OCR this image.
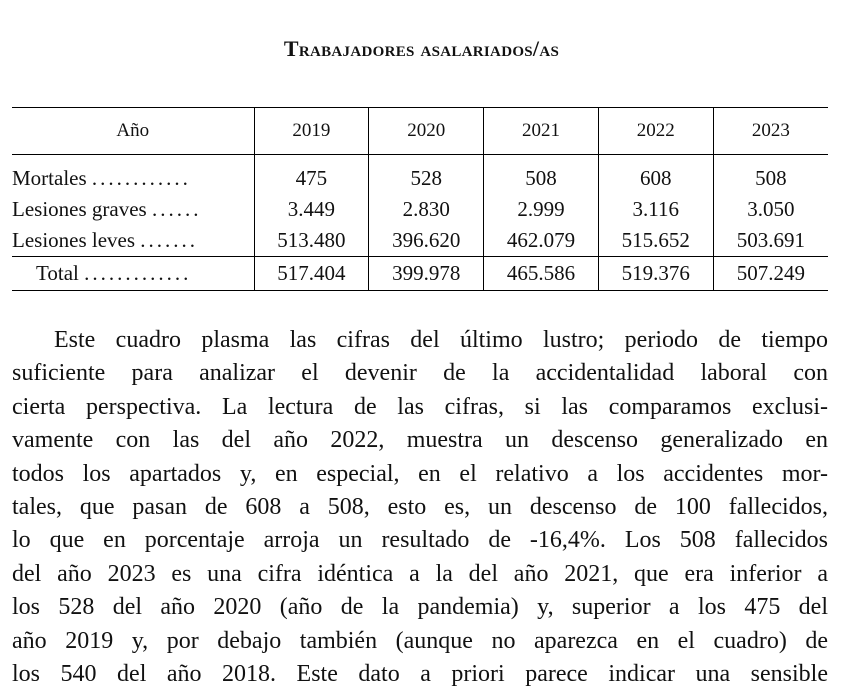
Trabajadores asalariados/as
Año	2019	2020	2021	2022	2023
Mortales ............	475	528	508	608	508
Lesiones graves ......	3.449	2.830	2.999	3.116	3.050
Lesiones leves .......	513.480	396.620	462.079	515.652	503.691
Total .............	517.404	399.978	465.586	519.376	507.249

Este cuadro plasma las cifras del último lustro; periodo de tiempo
suficiente para analizar el devenir de la accidentalidad laboral con
cierta perspectiva. La lectura de las cifras, si las comparamos exclusi-
vamente con las del año 2022, muestra un descenso generalizado en
todos los apartados y, en especial, en el relativo a los accidentes mor-
tales, que pasan de 608 a 508, esto es, un descenso de 100 fallecidos,
lo que en porcentaje arroja un resultado de -16,4%. Los 508 fallecidos
del año 2023 es una cifra idéntica a la del año 2021, que era inferior a
los 528 del año 2020 (año de la pandemia) y, superior a los 475 del
año 2019 y, por debajo también (aunque no aparezca en el cuadro) de
los 540 del año 2018. Este dato a priori parece indicar una sensible
